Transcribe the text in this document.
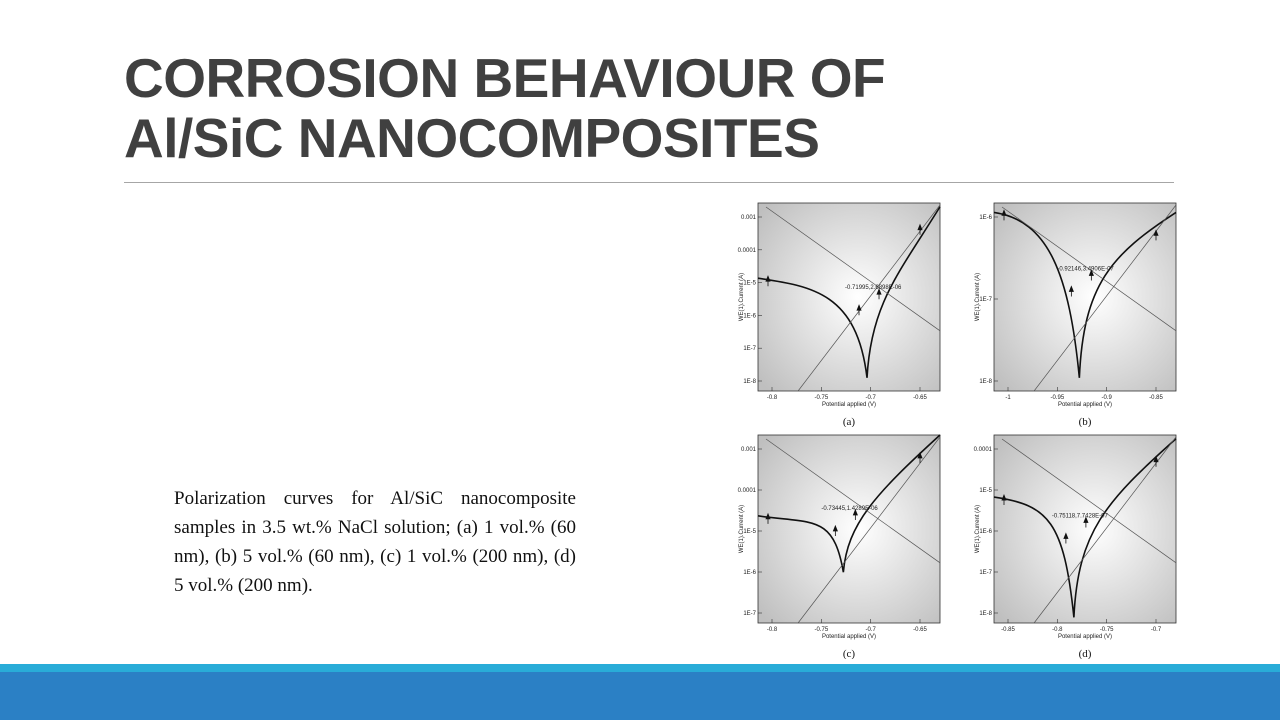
CORROSION BEHAVIOUR OF
Al/SiC NANOCOMPOSITES

Polarization curves for Al/SiC nanocomposite samples in 3.5 wt.% NaCl solution; (a) 1 vol.% (60 nm), (b) 5 vol.% (60 nm), (c) 1 vol.% (200 nm), (d) 5 vol.% (200 nm).

0.001
0.0001
1E-5
1E-6
1E-7
1E-8
-0.8	-0.75	-0.7	-0.65
Potential applied (V)
WE(1).Current (A)	-0.71995,2.6898E-06
(a)
1E-6
1E-7
1E-8
-1	-0.95	-0.9	-0.85
Potential applied (V)
WE(1).Current (A)
-0.92146,3.4906E-07
(b)
0.001
0.0001
1E-5
1E-6
1E-7
-0.8	-0.75	-0.7	-0.65
Potential applied (V)
WE(1).Current (A)	-0.73445,1.4289E-06
(c)
0.0001
1E-5
1E-6
1E-7
1E-8
-0.85	-0.8	-0.75	-0.7
Potential applied (V)
WE(1).Current (A)	-0.75118,7.7428E-07
(d)
